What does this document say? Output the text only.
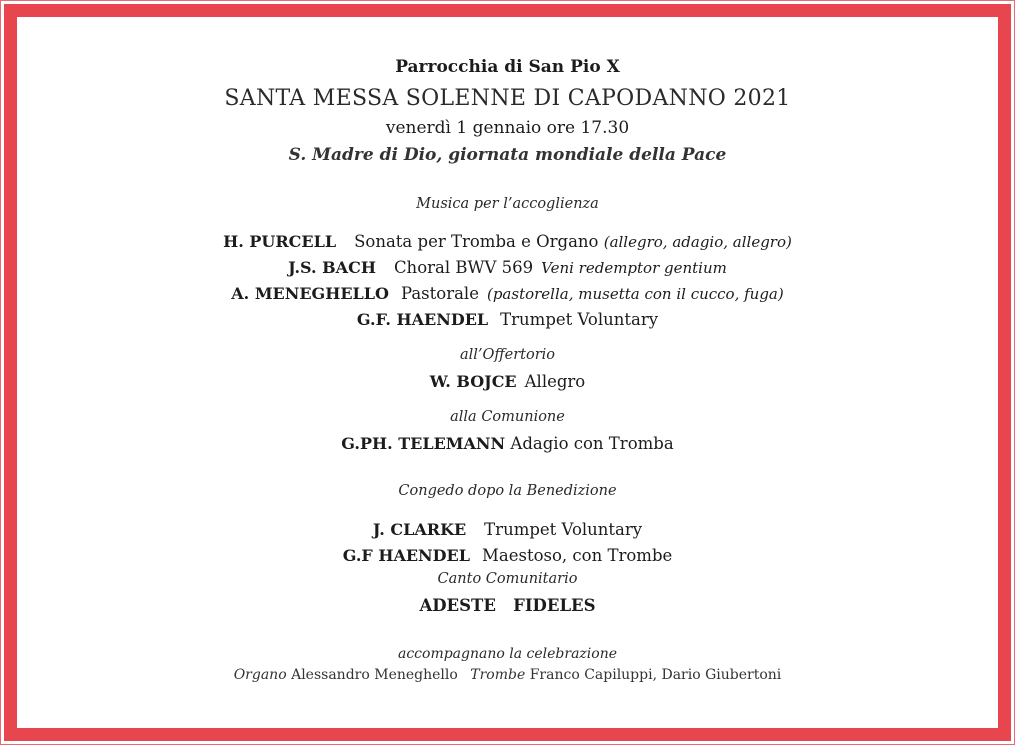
Parrocchia di San Pio X
SANTA MESSA SOLENNE DI CAPODANNO 2021
venerdì 1 gennaio ore 17.30
S. Madre di Dio, giornata mondiale della Pace
Musica per l’accoglienza
H. PURCELL Sonata per Tromba e Organo (allegro, adagio, allegro)
J.S. BACH Choral BWV 569 Veni redemptor gentium
A. MENEGHELLO Pastorale (pastorella, musetta con il cucco, fuga)
G.F. HAENDEL Trumpet Voluntary
all’Offertorio
W. BOJCE Allegro
alla Comunione
G.PH. TELEMANN Adagio con Tromba
Congedo dopo la Benedizione
J. CLARKE Trumpet Voluntary
G.F HAENDEL Maestoso, con Trombe
Canto Comunitario
ADESTE   FIDELES
accompagnano la celebrazione
Organo Alessandro Meneghello Trombe Franco Capiluppi, Dario Giubertoni
